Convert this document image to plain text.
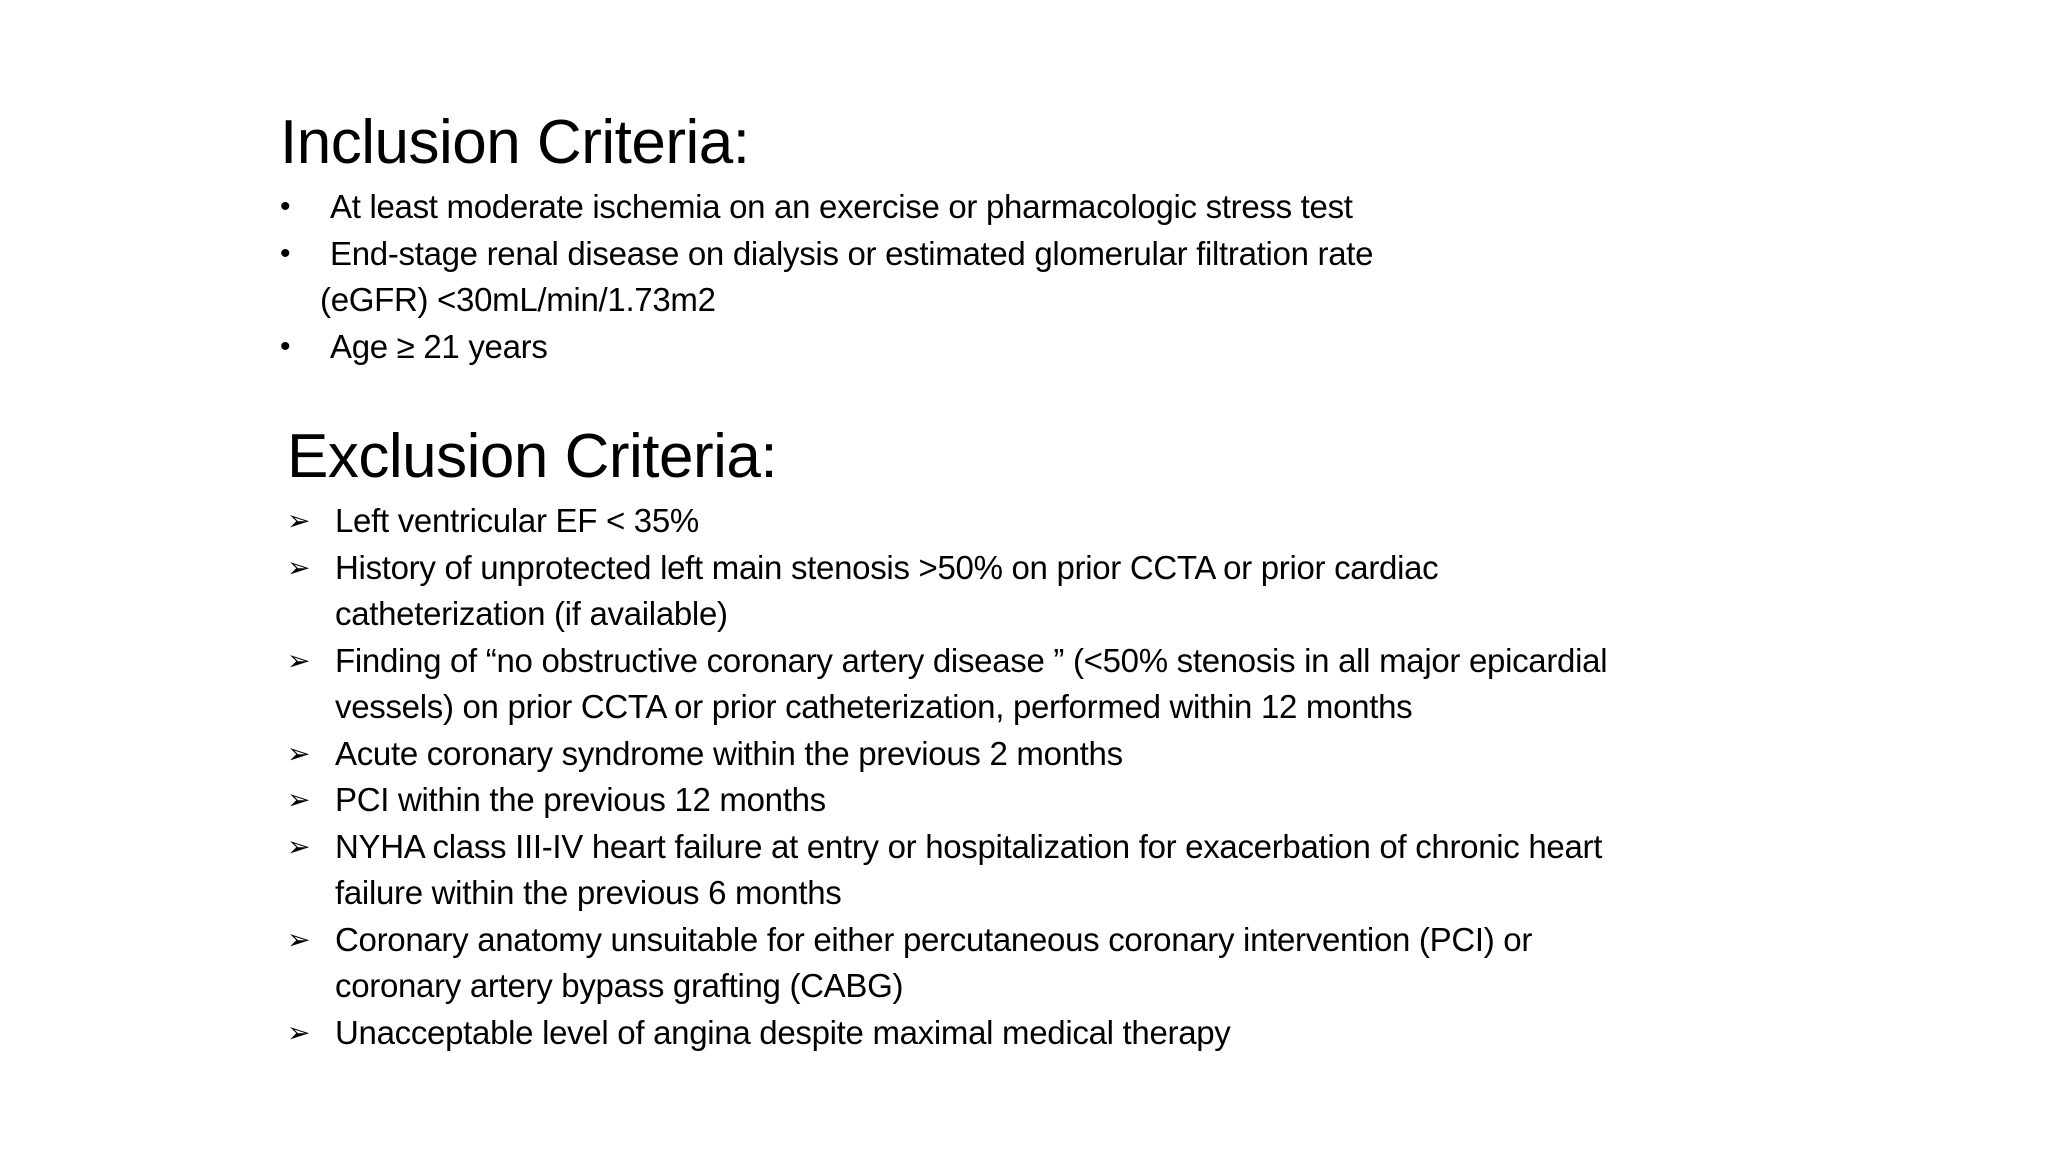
Inclusion Criteria:
•	At least moderate ischemia on an exercise or pharmacologic stress test
•	End-stage renal disease on dialysis or estimated glomerular filtration rate
(eGFR) <30mL/min/1.73m2
•	Age ≥ 21 years
Exclusion Criteria:
➢ Left ventricular EF < 35%
➢ History of unprotected left main stenosis >50% on prior CCTA or prior cardiac
catheterization (if available)
➢ Finding of “no obstructive coronary artery disease ” (<50% stenosis in all major epicardial
vessels) on prior CCTA or prior catheterization, performed within 12 months
➢ Acute coronary syndrome within the previous 2 months
➢ PCI within the previous 12 months
➢ NYHA class III-IV heart failure at entry or hospitalization for exacerbation of chronic heart
failure within the previous 6 months
➢ Coronary anatomy unsuitable for either percutaneous coronary intervention (PCI) or
coronary artery bypass grafting (CABG)
➢ Unacceptable level of angina despite maximal medical therapy
